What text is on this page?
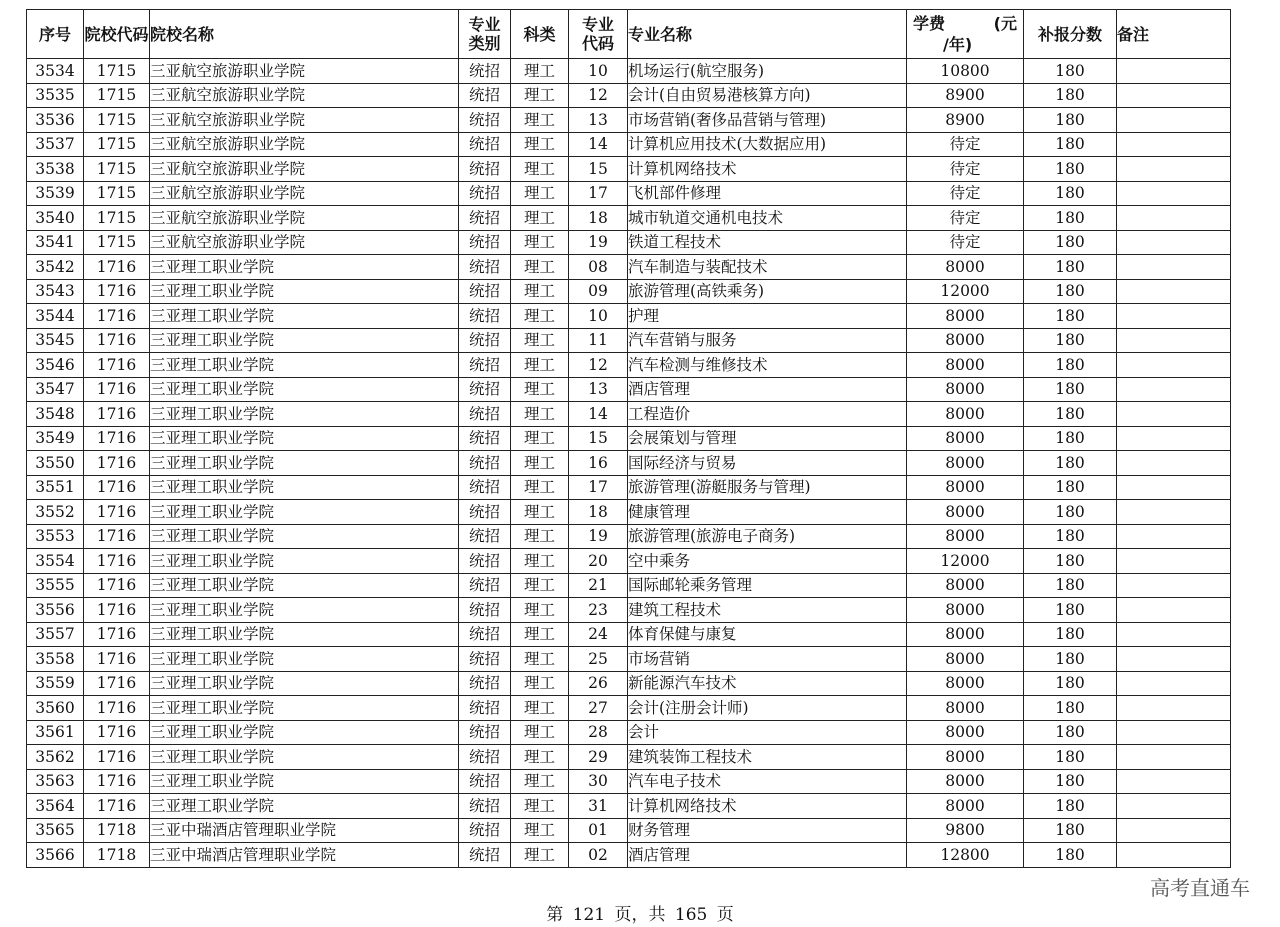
序号	院校代码	院校名称	专业类别	科类	专业代码	专业名称	学费 (元
/年)	补报分数	备注
3534	1715	三亚航空旅游职业学院	统招	理工	10	机场运行(航空服务)	10800	180	
3535	1715	三亚航空旅游职业学院	统招	理工	12	会计(自由贸易港核算方向)	8900	180	
3536	1715	三亚航空旅游职业学院	统招	理工	13	市场营销(奢侈品营销与管理)	8900	180	
3537	1715	三亚航空旅游职业学院	统招	理工	14	计算机应用技术(大数据应用)	待定	180	
3538	1715	三亚航空旅游职业学院	统招	理工	15	计算机网络技术	待定	180	
3539	1715	三亚航空旅游职业学院	统招	理工	17	飞机部件修理	待定	180	
3540	1715	三亚航空旅游职业学院	统招	理工	18	城市轨道交通机电技术	待定	180	
3541	1715	三亚航空旅游职业学院	统招	理工	19	铁道工程技术	待定	180	
3542	1716	三亚理工职业学院	统招	理工	08	汽车制造与装配技术	8000	180	
3543	1716	三亚理工职业学院	统招	理工	09	旅游管理(高铁乘务)	12000	180	
3544	1716	三亚理工职业学院	统招	理工	10	护理	8000	180	
3545	1716	三亚理工职业学院	统招	理工	11	汽车营销与服务	8000	180	
3546	1716	三亚理工职业学院	统招	理工	12	汽车检测与维修技术	8000	180	
3547	1716	三亚理工职业学院	统招	理工	13	酒店管理	8000	180	
3548	1716	三亚理工职业学院	统招	理工	14	工程造价	8000	180	
3549	1716	三亚理工职业学院	统招	理工	15	会展策划与管理	8000	180	
3550	1716	三亚理工职业学院	统招	理工	16	国际经济与贸易	8000	180	
3551	1716	三亚理工职业学院	统招	理工	17	旅游管理(游艇服务与管理)	8000	180	
3552	1716	三亚理工职业学院	统招	理工	18	健康管理	8000	180	
3553	1716	三亚理工职业学院	统招	理工	19	旅游管理(旅游电子商务)	8000	180	
3554	1716	三亚理工职业学院	统招	理工	20	空中乘务	12000	180	
3555	1716	三亚理工职业学院	统招	理工	21	国际邮轮乘务管理	8000	180	
3556	1716	三亚理工职业学院	统招	理工	23	建筑工程技术	8000	180	
3557	1716	三亚理工职业学院	统招	理工	24	体育保健与康复	8000	180	
3558	1716	三亚理工职业学院	统招	理工	25	市场营销	8000	180	
3559	1716	三亚理工职业学院	统招	理工	26	新能源汽车技术	8000	180	
3560	1716	三亚理工职业学院	统招	理工	27	会计(注册会计师)	8000	180	
3561	1716	三亚理工职业学院	统招	理工	28	会计	8000	180	
3562	1716	三亚理工职业学院	统招	理工	29	建筑装饰工程技术	8000	180	
3563	1716	三亚理工职业学院	统招	理工	30	汽车电子技术	8000	180	
3564	1716	三亚理工职业学院	统招	理工	31	计算机网络技术	8000	180	
3565	1718	三亚中瑞酒店管理职业学院	统招	理工	01	财务管理	9800	180	
3566	1718	三亚中瑞酒店管理职业学院	统招	理工	02	酒店管理	12800	180	
第 121 页，共 165 页
高考直通车
